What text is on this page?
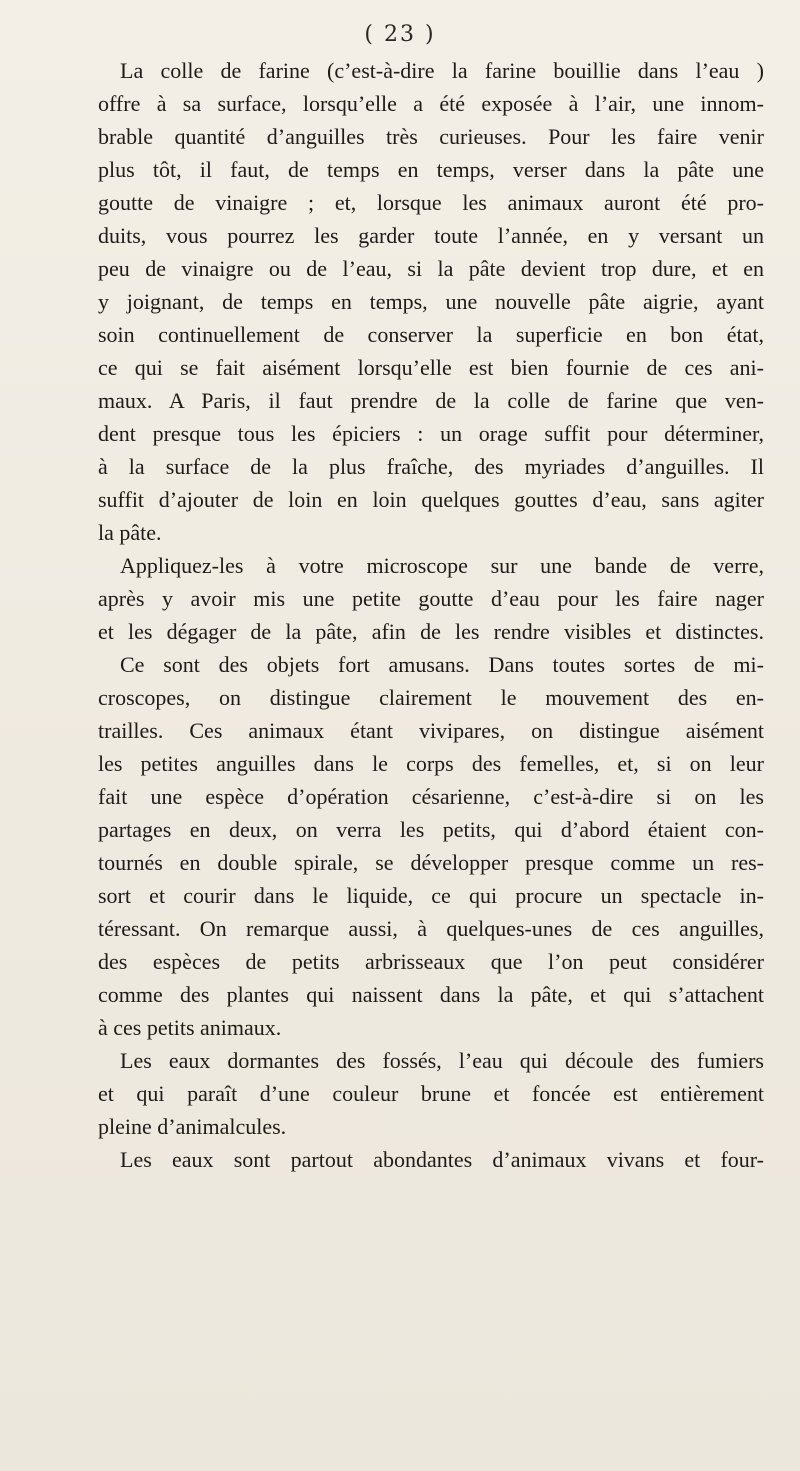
( 23 )
La colle de farine (c’est-à-dire la farine bouillie dans l’eau )
offre à sa surface, lorsqu’elle a été exposée à l’air, une innom-
brable quantité d’anguilles très curieuses. Pour les faire venir
plus tôt, il faut, de temps en temps, verser dans la pâte une
goutte de vinaigre ; et, lorsque les animaux auront été pro-
duits, vous pourrez les garder toute l’année, en y versant un
peu de vinaigre ou de l’eau, si la pâte devient trop dure, et en
y joignant, de temps en temps, une nouvelle pâte aigrie, ayant
soin continuellement de conserver la superficie en bon état,
ce qui se fait aisément lorsqu’elle est bien fournie de ces ani-
maux. A Paris, il faut prendre de la colle de farine que ven-
dent presque tous les épiciers : un orage suffit pour déterminer,
à la surface de la plus fraîche, des myriades d’anguilles. Il
suffit d’ajouter de loin en loin quelques gouttes d’eau, sans agiter
la pâte.
Appliquez-les à votre microscope sur une bande de verre,
après y avoir mis une petite goutte d’eau pour les faire nager
et les dégager de la pâte, afin de les rendre visibles et distinctes.
Ce sont des objets fort amusans. Dans toutes sortes de mi-
croscopes, on distingue clairement le mouvement des en-
trailles. Ces animaux étant vivipares, on distingue aisément
les petites anguilles dans le corps des femelles, et, si on leur
fait une espèce d’opération césarienne, c’est-à-dire si on les
partages en deux, on verra les petits, qui d’abord étaient con-
tournés en double spirale, se développer presque comme un res-
sort et courir dans le liquide, ce qui procure un spectacle in-
téressant. On remarque aussi, à quelques-unes de ces anguilles,
des espèces de petits arbrisseaux que l’on peut considérer
comme des plantes qui naissent dans la pâte, et qui s’attachent
à ces petits animaux.
Les eaux dormantes des fossés, l’eau qui découle des fumiers
et qui paraît d’une couleur brune et foncée est entièrement
pleine d’animalcules.
Les eaux sont partout abondantes d’animaux vivans et four-
